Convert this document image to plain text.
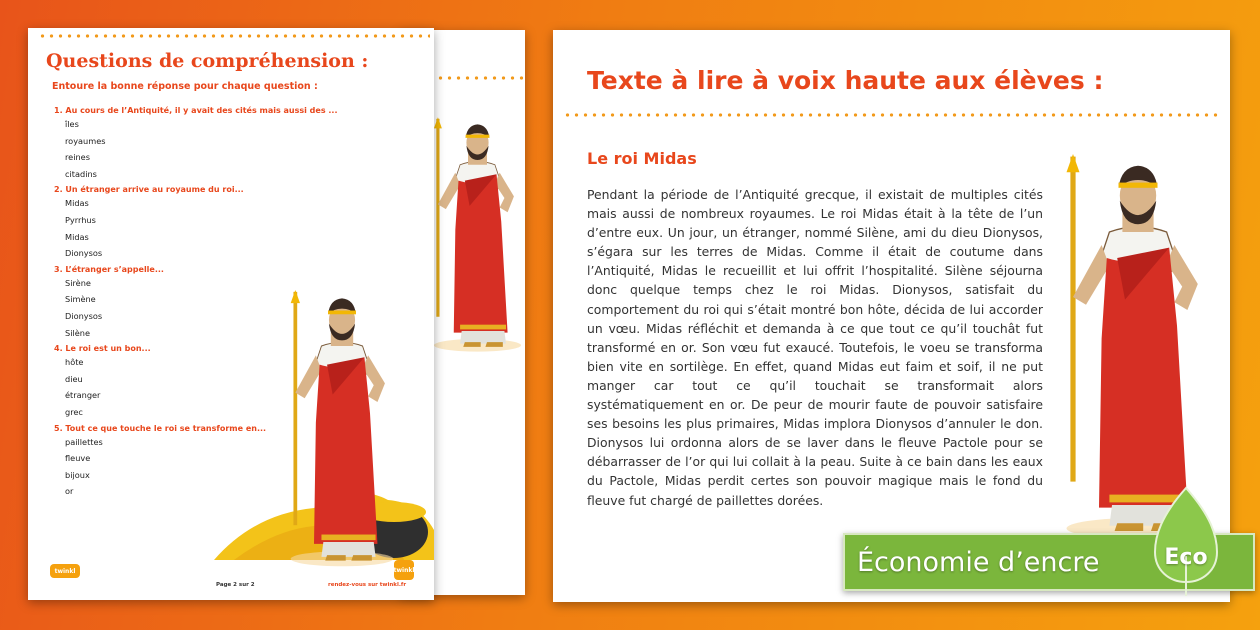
Questions de compréhension :
Entoure la bonne réponse pour chaque question :
1. Au cours de l’Antiquité, il y avait des cités mais aussi des ...
îles
royaumes
reines
citadins
2. Un étranger arrive au royaume du roi...
Midas
Pyrrhus
Midas
Dionysos
3. L’étranger s’appelle...
Sirène
Simène
Dionysos
Silène
4. Le roi est un bon...
hôte
dieu
étranger
grec
5. Tout ce que touche le roi se transforme en...
paillettes
fleuve
bijoux
or
twinkl
Page 2 sur 2	rendez-vous sur twinkl.fr
twinkl
Texte à lire à voix haute aux élèves :
Le roi Midas
Pendant la période de l’Antiquité grecque, il existait de multiples cités mais aussi de nombreux royaumes. Le roi Midas était à la tête de l’un d’entre eux. Un jour, un étranger, nommé Silène, ami du dieu Dionysos, s’égara sur les terres de Midas. Comme il était de coutume dans l’Antiquité, Midas le recueillit et lui offrit l’hospitalité. Silène séjourna donc quelque temps chez le roi Midas. Dionysos, satisfait du comportement du roi qui s’était montré bon hôte, décida de lui accorder un vœu. Midas réfléchit et demanda à ce que tout ce qu’il touchât fut transformé en or. Son vœu fut exaucé. Toutefois, le voeu se transforma bien vite en sortilège. En effet, quand Midas eut faim et soif, il ne put manger car tout ce qu’il touchait se transformait alors systématiquement en or. De peur de mourir faute de pouvoir satisfaire ses besoins les plus primaires, Midas implora Dionysos d’annuler le don. Dionysos lui ordonna alors de se laver dans le fleuve Pactole pour se débarrasser de l’or qui lui collait à la peau. Suite à ce bain dans les eaux du Pactole, Midas perdit certes son pouvoir magique mais le fond du fleuve fut chargé de paillettes dorées.
Économie d’encre	Eco
